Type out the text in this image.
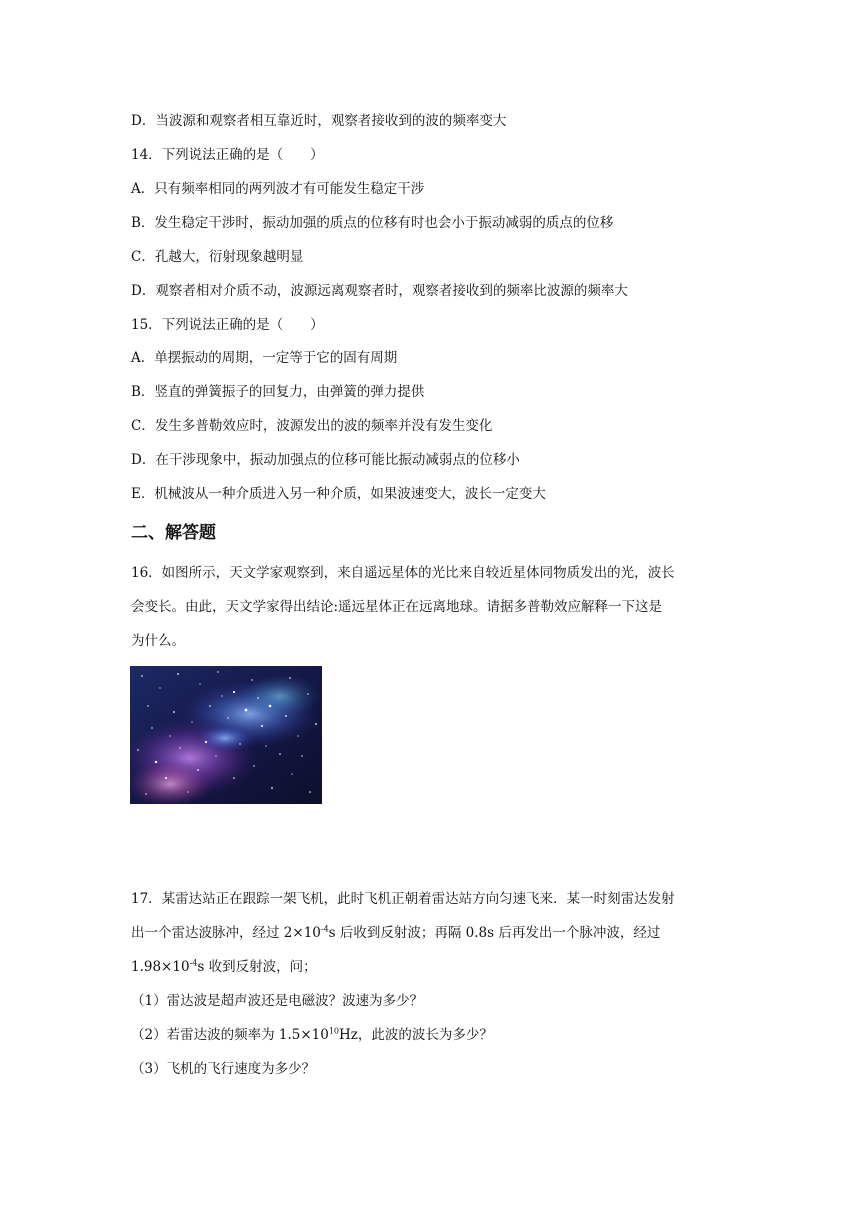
D．当波源和观察者相互靠近时，观察者接收到的波的频率变大

14．下列说法正确的是（　　）

A．只有频率相同的两列波才有可能发生稳定干涉

B．发生稳定干涉时，振动加强的质点的位移有时也会小于振动减弱的质点的位移

C．孔越大，衍射现象越明显

D．观察者相对介质不动，波源远离观察者时，观察者接收到的频率比波源的频率大

15．下列说法正确的是（　　）

A．单摆振动的周期，一定等于它的固有周期

B．竖直的弹簧振子的回复力，由弹簧的弹力提供

C．发生多普勒效应时，波源发出的波的频率并没有发生变化

D．在干涉现象中，振动加强点的位移可能比振动减弱点的位移小

E．机械波从一种介质进入另一种介质，如果波速变大，波长一定变大

二、解答题

16．如图所示，天文学家观察到，来自遥远星体的光比来自较近星体同物质发出的光，波长

会变长。由此，天文学家得出结论:遥远星体正在远离地球。请据多普勒效应解释一下这是

为什么。

17．某雷达站正在跟踪一架飞机，此时飞机正朝着雷达站方向匀速飞来．某一时刻雷达发射

出一个雷达波脉冲，经过 $2\times 10^{-4}s$ 后收到反射波；再隔 0.8s 后再发出一个脉冲波，经过

$1.98\times 10^{-4}s$ 收到反射波，问；

（1）雷达波是超声波还是电磁波？波速为多少？

（2）若雷达波的频率为 $1.5\times 10^{10}Hz$，此波的波长为多少？

（3）飞机的飞行速度为多少？
